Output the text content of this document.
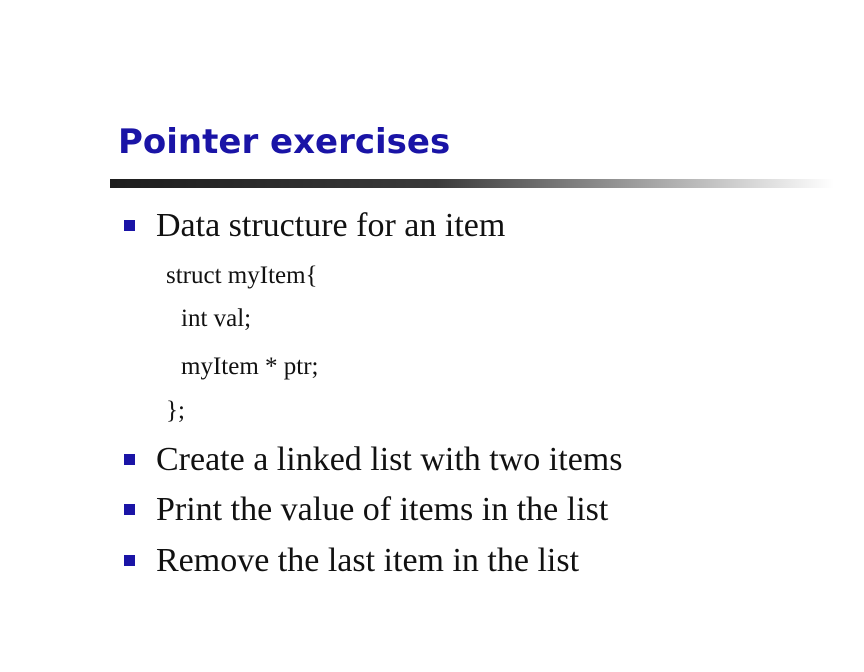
Pointer exercises
Data structure for an item
struct myItem{
int val;
myItem * ptr;
};
Create a linked list with two items
Print the value of items in the list
Remove the last item in the list
